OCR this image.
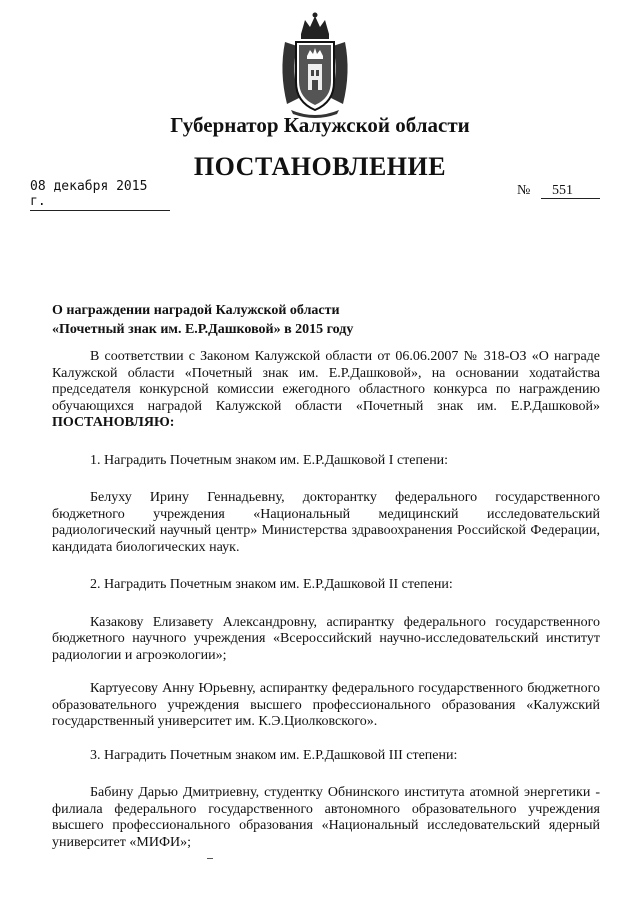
Губернатор Калужской области
ПОСТАНОВЛЕНИЕ
08 декабря 2015 г.
№ 551
О награждении наградой Калужской области
«Почетный знак им. Е.Р.Дашковой» в 2015 году

В соответствии с Законом Калужской области от 06.06.2007 № 318-ОЗ «О награде Калужской области «Почетный знак им. Е.Р.Дашковой», на основании ходатайства председателя конкурсной комиссии ежегодного областного конкурса по награждению обучающихся наградой Калужской области «Почетный знак им. Е.Р.Дашковой» ПОСТАНОВЛЯЮ:

1. Наградить Почетным знаком им. Е.Р.Дашковой I степени:

Белуху Ирину Геннадьевну, докторантку федерального государственного бюджетного учреждения «Национальный медицинский исследовательский радиологический научный центр» Министерства здравоохранения Российской Федерации, кандидата биологических наук.

2. Наградить Почетным знаком им. Е.Р.Дашковой II степени:

Казакову Елизавету Александровну, аспирантку федерального государственного бюджетного научного учреждения «Всероссийский научно-исследовательский институт радиологии и агроэкологии»;

Картуесову Анну Юрьевну, аспирантку федерального государственного бюджетного образовательного учреждения высшего профессионального образования «Калужский государственный университет им. К.Э.Циолковского».

3. Наградить Почетным знаком им. Е.Р.Дашковой III степени:

Бабину Дарью Дмитриевну, студентку Обнинского института атомной энергетики - филиала федерального государственного автономного образовательного учреждения высшего профессионального образования «Национальный исследовательский ядерный университет «МИФИ»;
